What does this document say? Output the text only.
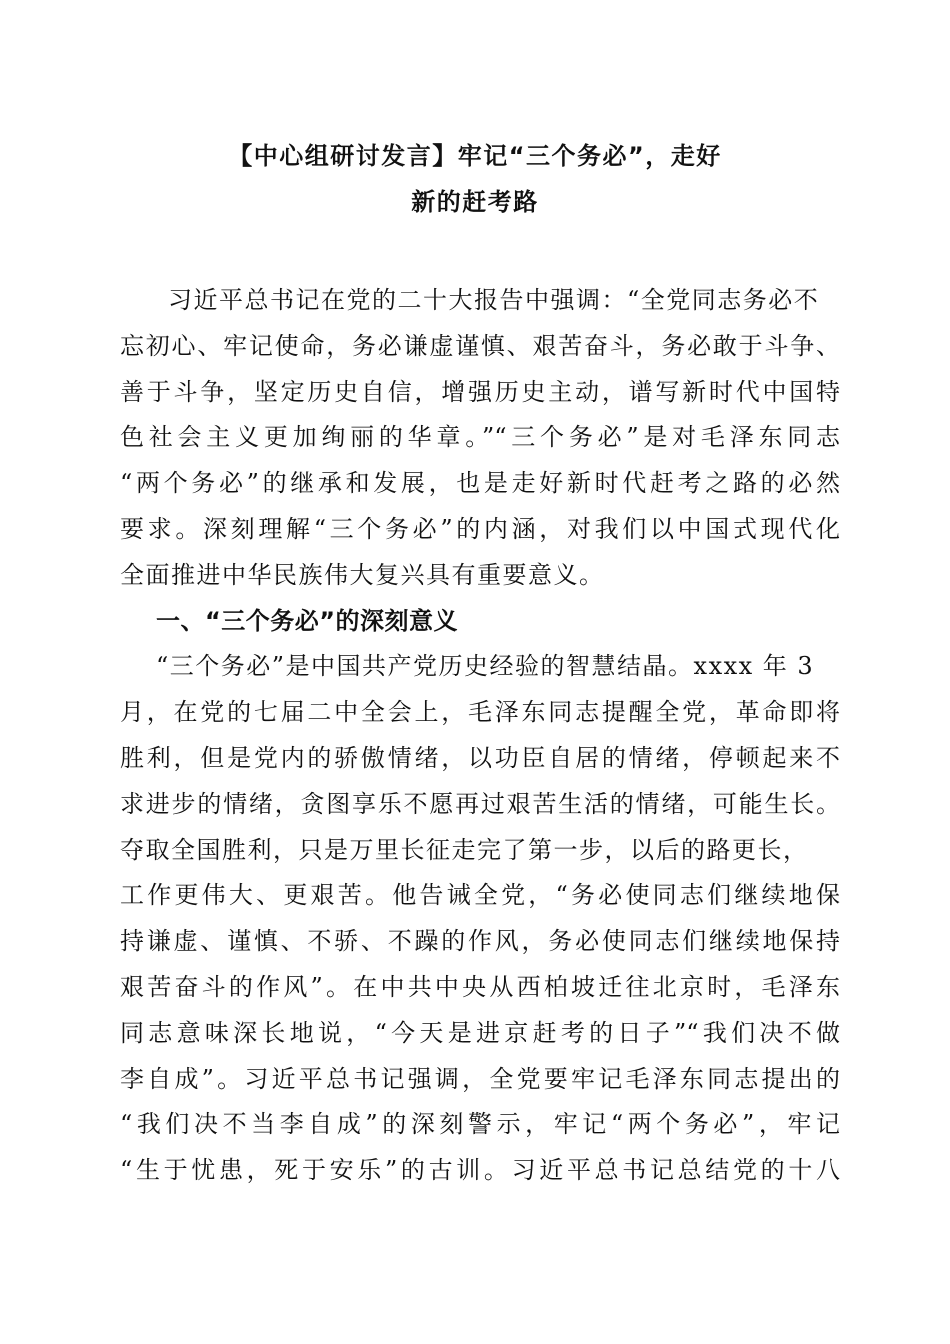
【中心组研讨发言】牢记“三个务必”，走好
新的赶考路
习近平总书记在党的二十大报告中强调：“全党同志务必不
忘初心、牢记使命，务必谦虚谨慎、艰苦奋斗，务必敢于斗争、
善于斗争，坚定历史自信，增强历史主动，谱写新时代中国特
色社会主义更加绚丽的华章。”“三个务必”是对毛泽东同志
“两个务必”的继承和发展，也是走好新时代赶考之路的必然
要求。深刻理解“三个务必”的内涵，对我们以中国式现代化
全面推进中华民族伟大复兴具有重要意义。
一、“三个务必”的深刻意义
“三个务必”是中国共产党历史经验的智慧结晶。xxxx 年 3
月，在党的七届二中全会上，毛泽东同志提醒全党，革命即将
胜利，但是党内的骄傲情绪，以功臣自居的情绪，停顿起来不
求进步的情绪，贪图享乐不愿再过艰苦生活的情绪，可能生长。
夺取全国胜利，只是万里长征走完了第一步，以后的路更长，
工作更伟大、更艰苦。他告诫全党，“务必使同志们继续地保
持谦虚、谨慎、不骄、不躁的作风，务必使同志们继续地保持
艰苦奋斗的作风”。在中共中央从西柏坡迁往北京时，毛泽东
同志意味深长地说，“今天是进京赶考的日子”“我们决不做
李自成”。习近平总书记强调，全党要牢记毛泽东同志提出的
“我们决不当李自成”的深刻警示，牢记“两个务必”，牢记
“生于忧患，死于安乐”的古训。习近平总书记总结党的十八
